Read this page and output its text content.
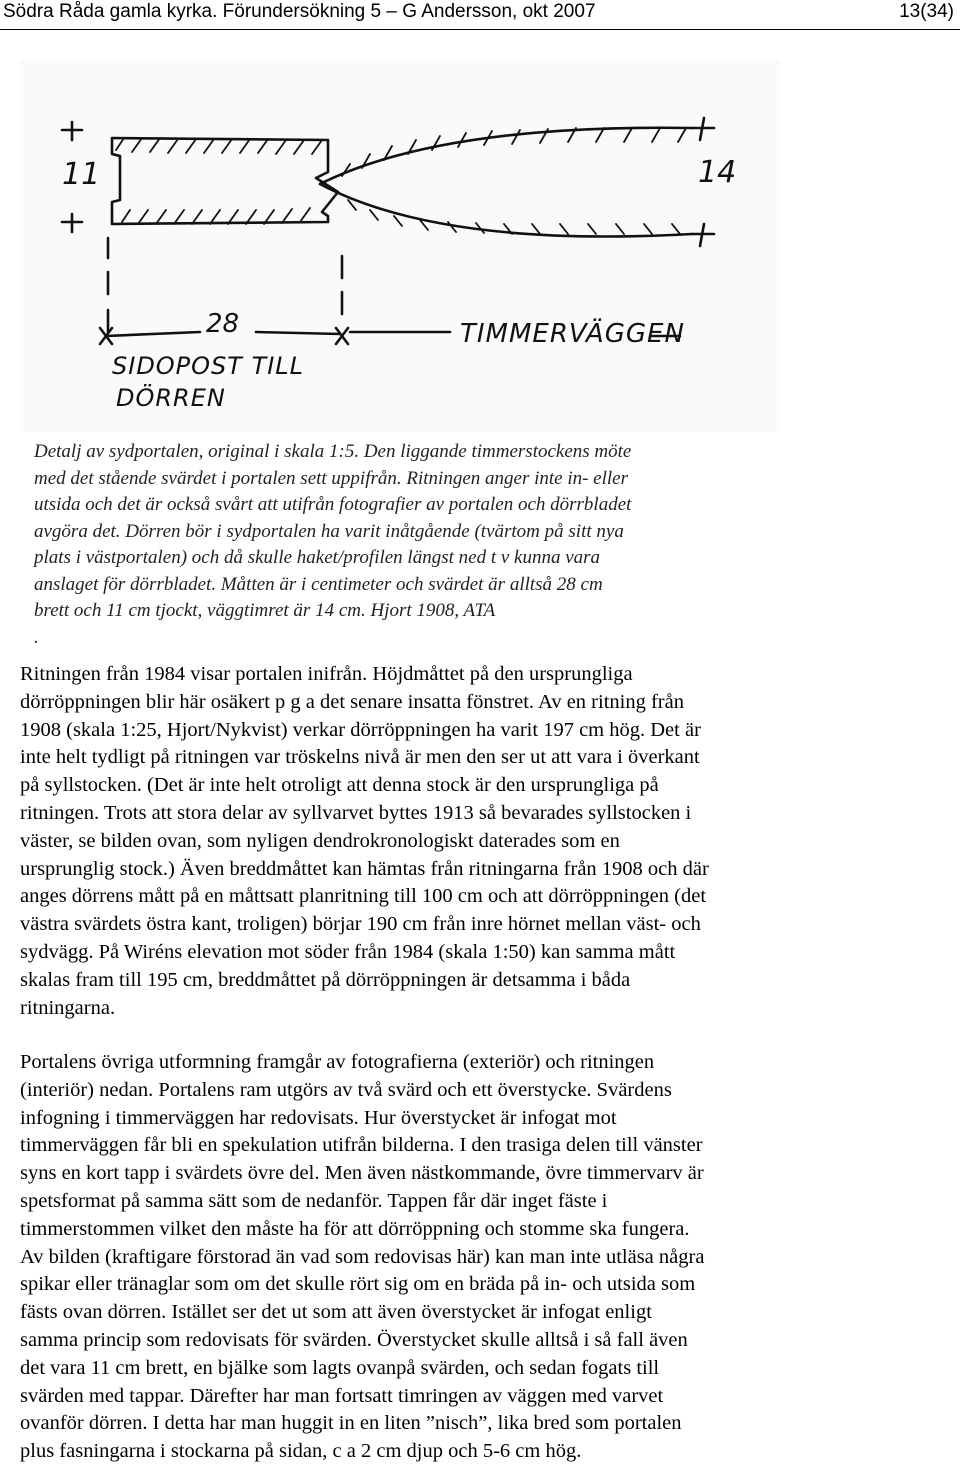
Södra Råda gamla kyrka. Förundersökning 5 – G Andersson, okt 2007	13(34)
11	14
28	TIMMERVÄGGEN
SIDOPOST TILL
DÖRREN

Detalj av sydportalen, original i skala 1:5. Den liggande timmerstockens möte
med det stående svärdet i portalen sett uppifrån. Ritningen anger inte in- eller
utsida och det är också svårt att utifrån fotografier av portalen och dörrbladet
avgöra det. Dörren bör i sydportalen ha varit inåtgående (tvärtom på sitt nya
plats i västportalen) och då skulle haket/profilen längst ned t v kunna vara
anslaget för dörrbladet. Måtten är i centimeter och svärdet är alltså 28 cm
brett och 11 cm tjockt, väggtimret är 14 cm. Hjort 1908, ATA
.

Ritningen från 1984 visar portalen inifrån. Höjdmåttet på den ursprungliga
dörröppningen blir här osäkert p g a det senare insatta fönstret. Av en ritning från
1908 (skala 1:25, Hjort/Nykvist) verkar dörröppningen ha varit 197 cm hög. Det är
inte helt tydligt på ritningen var tröskelns nivå är men den ser ut att vara i överkant
på syllstocken. (Det är inte helt otroligt att denna stock är den ursprungliga på
ritningen. Trots att stora delar av syllvarvet byttes 1913 så bevarades syllstocken i
väster, se bilden ovan, som nyligen dendrokronologiskt daterades som en
ursprunglig stock.) Även breddmåttet kan hämtas från ritningarna från 1908 och där
anges dörrens mått på en måttsatt planritning till 100 cm och att dörröppningen (det
västra svärdets östra kant, troligen) börjar 190 cm från inre hörnet mellan väst- och
sydvägg. På Wiréns elevation mot söder från 1984 (skala 1:50) kan samma mått
skalas fram till 195 cm, breddmåttet på dörröppningen är detsamma i båda
ritningarna.

Portalens övriga utformning framgår av fotografierna (exteriör) och ritningen
(interiör) nedan. Portalens ram utgörs av två svärd och ett överstycke. Svärdens
infogning i timmerväggen har redovisats. Hur överstycket är infogat mot
timmerväggen får bli en spekulation utifrån bilderna. I den trasiga delen till vänster
syns en kort tapp i svärdets övre del. Men även nästkommande, övre timmervarv är
spetsformat på samma sätt som de nedanför. Tappen får där inget fäste i
timmerstommen vilket den måste ha för att dörröppning och stomme ska fungera.
Av bilden (kraftigare förstorad än vad som redovisas här) kan man inte utläsa några
spikar eller tränaglar som om det skulle rört sig om en bräda på in- och utsida som
fästs ovan dörren. Istället ser det ut som att även överstycket är infogat enligt
samma princip som redovisats för svärden. Överstycket skulle alltså i så fall även
det vara 11 cm brett, en bjälke som lagts ovanpå svärden, och sedan fogats till
svärden med tappar. Därefter har man fortsatt timringen av väggen med varvet
ovanför dörren. I detta har man huggit in en liten ”nisch”, lika bred som portalen
plus fasningarna i stockarna på sidan, c a 2 cm djup och 5-6 cm hög.
